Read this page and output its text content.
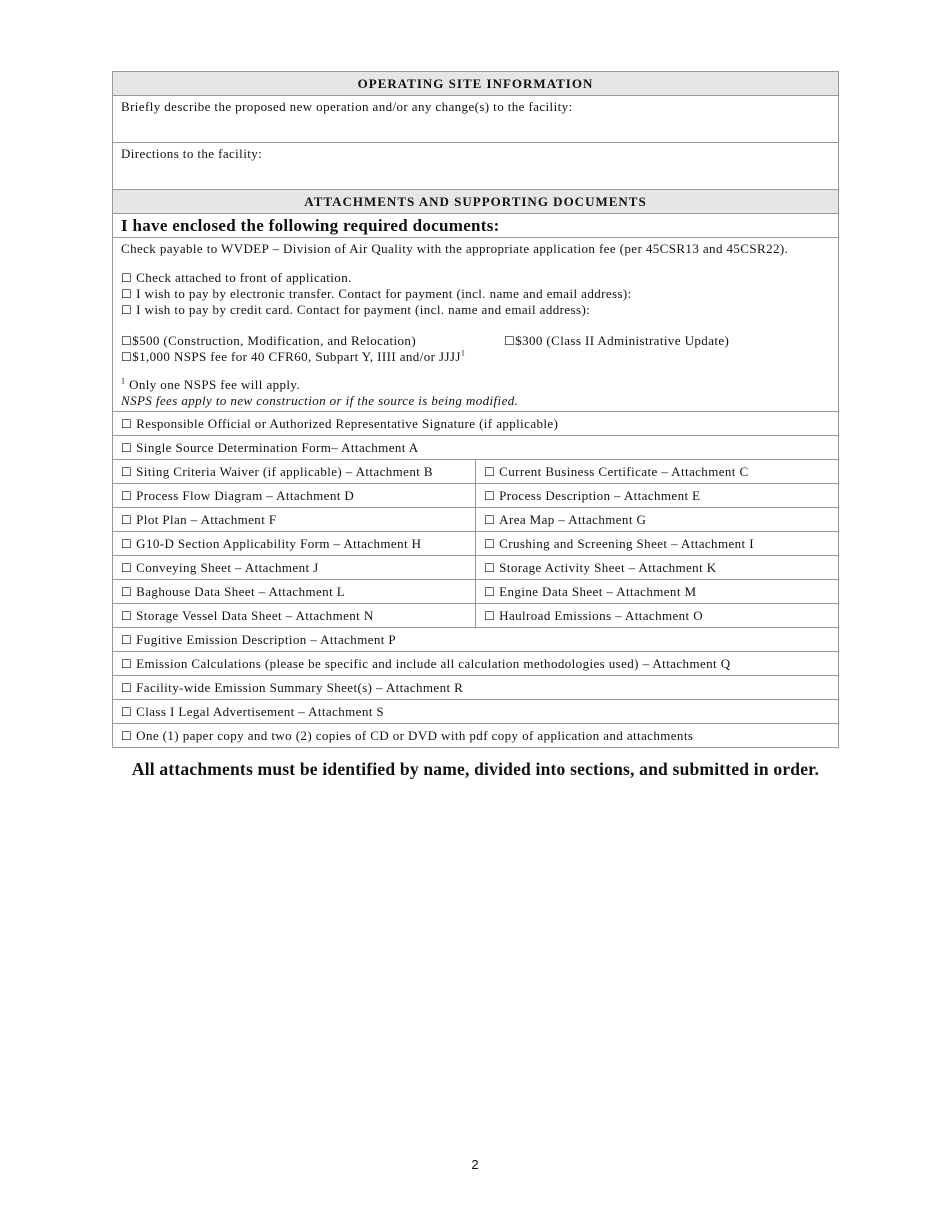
OPERATING SITE INFORMATION
Briefly describe the proposed new operation and/or any change(s) to the facility:
Directions to the facility:
ATTACHMENTS AND SUPPORTING DOCUMENTS
I have enclosed the following required documents:
Check payable to WVDEP – Division of Air Quality with the appropriate application fee (per 45CSR13 and 45CSR22).
☐ Check attached to front of application.
☐ I wish to pay by electronic transfer. Contact for payment (incl. name and email address):
☐ I wish to pay by credit card. Contact for payment (incl. name and email address):
☐$500 (Construction, Modification, and Relocation)	☐$300 (Class II Administrative Update)
☐$1,000 NSPS fee for 40 CFR60, Subpart Y, IIII and/or JJJJ$^1$
$^1$ Only one NSPS fee will apply.
NSPS fees apply to new construction or if the source is being modified.
☐ Responsible Official or Authorized Representative Signature (if applicable)
☐ Single Source Determination Form– Attachment A
☐ Siting Criteria Waiver (if applicable) – Attachment B	☐ Current Business Certificate – Attachment C
☐ Process Flow Diagram – Attachment D	☐ Process Description – Attachment E
☐ Plot Plan – Attachment F	☐ Area Map – Attachment G
☐ G10-D Section Applicability Form – Attachment H	☐ Crushing and Screening Sheet – Attachment I
☐ Conveying Sheet – Attachment J	☐ Storage Activity Sheet – Attachment K
☐ Baghouse Data Sheet – Attachment L	☐ Engine Data Sheet – Attachment M
☐ Storage Vessel Data Sheet – Attachment N	☐ Haulroad Emissions – Attachment O
☐ Fugitive Emission Description – Attachment P
☐ Emission Calculations (please be specific and include all calculation methodologies used) – Attachment Q
☐ Facility-wide Emission Summary Sheet(s) – Attachment R
☐ Class I Legal Advertisement – Attachment S
☐ One (1) paper copy and two (2) copies of CD or DVD with pdf copy of application and attachments
All attachments must be identified by name, divided into sections, and submitted in order.
2
